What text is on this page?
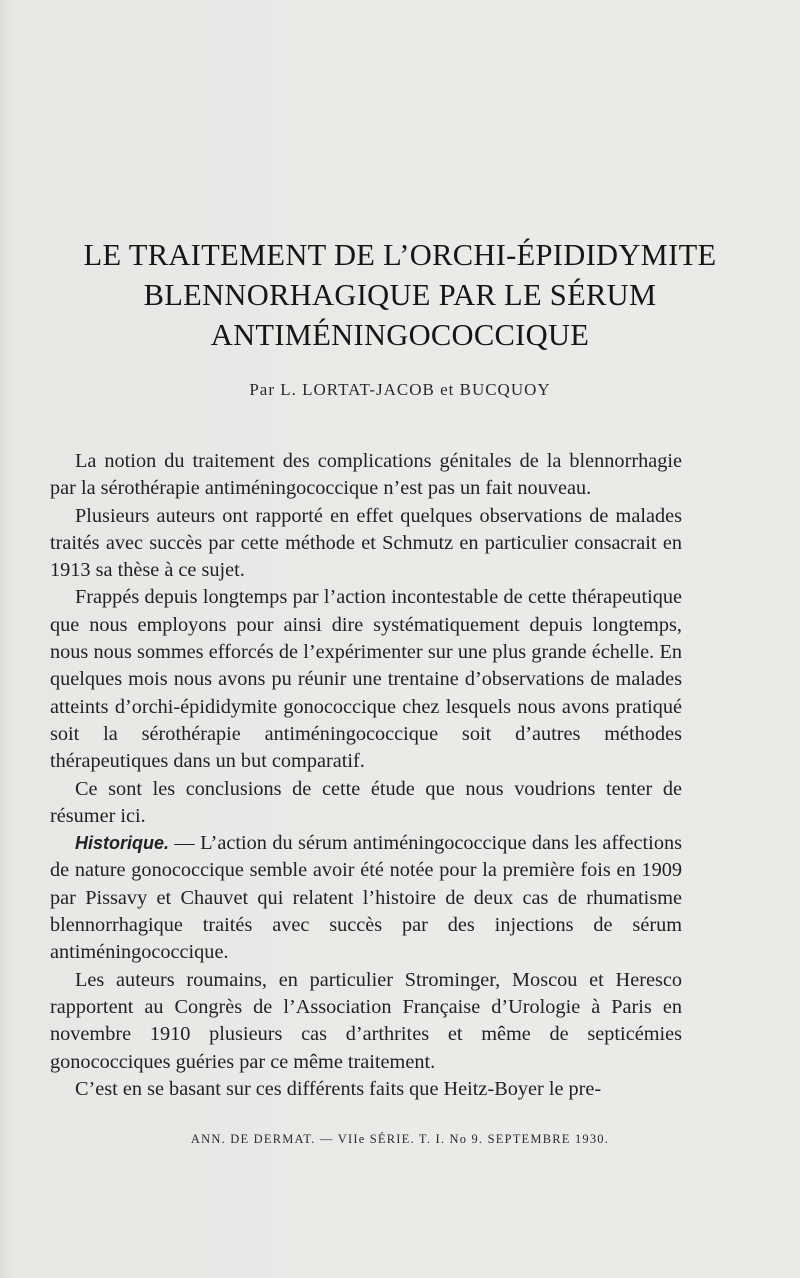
LE TRAITEMENT DE L’ORCHI-ÉPIDIDYMITE
BLENNORHAGIQUE PAR LE SÉRUM
ANTIMÉNINGOCOCCIQUE
Par L. LORTAT-JACOB et BUCQUOY

La notion du traitement des complications génitales de la blennorrhagie par la sérothérapie antiméningococcique n’est pas un fait nouveau.

Plusieurs auteurs ont rapporté en effet quelques observations de malades traités avec succès par cette méthode et Schmutz en particulier consacrait en 1913 sa thèse à ce sujet.

Frappés depuis longtemps par l’action incontestable de cette thérapeutique que nous employons pour ainsi dire systématiquement depuis longtemps, nous nous sommes efforcés de l’expérimenter sur une plus grande échelle. En quelques mois nous avons pu réunir une trentaine d’observations de malades atteints d’orchi-épididymite gonococcique chez lesquels nous avons pratiqué soit la sérothérapie antiméningococcique soit d’autres méthodes thérapeutiques dans un but comparatif.

Ce sont les conclusions de cette étude que nous voudrions tenter de résumer ici.

Historique. — L’action du sérum antiméningococcique dans les affections de nature gonococcique semble avoir été notée pour la première fois en 1909 par Pissavy et Chauvet qui relatent l’histoire de deux cas de rhumatisme blennorrhagique traités avec succès par des injections de sérum antiméningococcique.

Les auteurs roumains, en particulier Strominger, Moscou et Heresco rapportent au Congrès de l’Association Française d’Urologie à Paris en novembre 1910 plusieurs cas d’arthrites et même de septicémies gonococciques guéries par ce même traitement.

C’est en se basant sur ces différents faits que Heitz-Boyer le pre-

ANN. DE DERMAT. — VIIe SÉRIE. T. I. No 9. SEPTEMBRE 1930.
